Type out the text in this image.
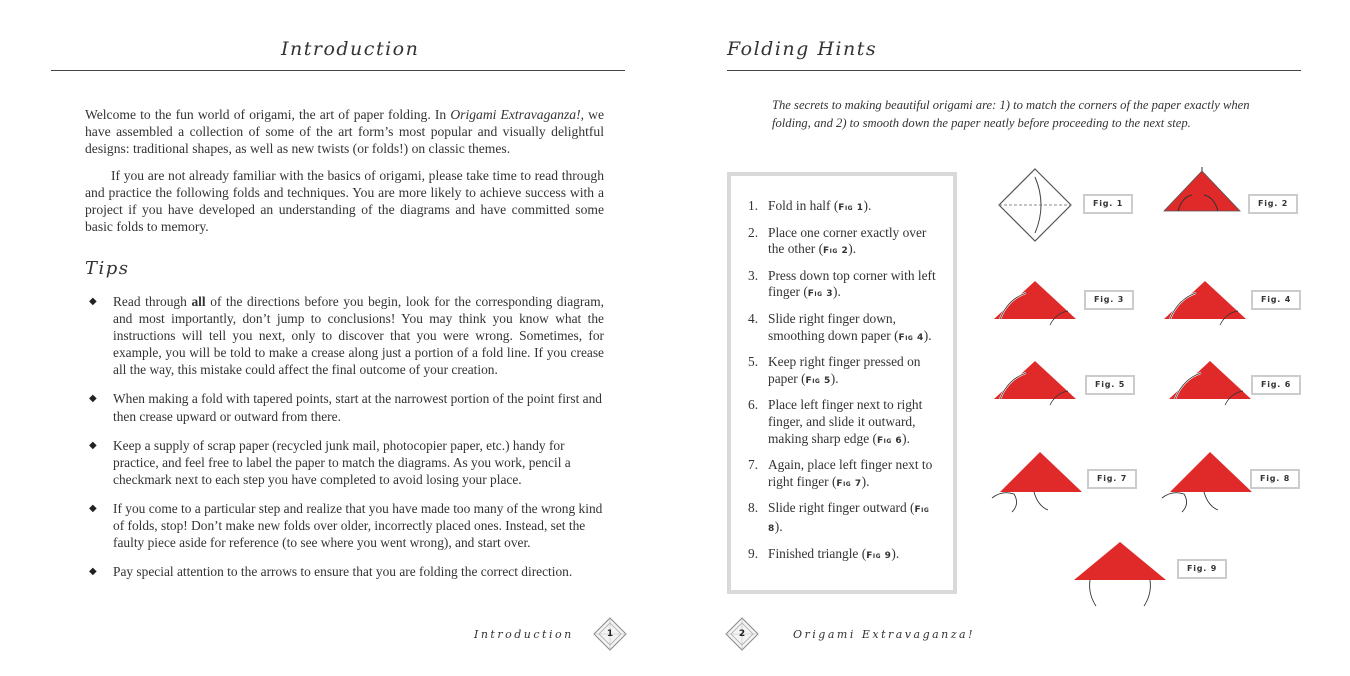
Introduction

Welcome to the fun world of origami, the art of paper folding. In Origami Extravaganza!, we have assembled a collection of some of the art form’s most popular and visually delightful designs: traditional shapes, as well as new twists (or folds!) on classic themes.

If you are not already familiar with the basics of origami, please take time to read through and practice the following folds and techniques. You are more likely to achieve success with a project if you have developed an understanding of the diagrams and have committed some basic folds to memory.

Tips
◆ Read through all of the directions before you begin, look for the corresponding diagram, and most importantly, don’t jump to conclusions! You may think you know what the instructions will tell you next, only to discover that you were wrong. Sometimes, for example, you will be told to make a crease along just a portion of a fold line. If you crease all the way, this mistake could affect the final outcome of your creation.
◆ When making a fold with tapered points, start at the narrowest portion of the point first and then crease upward or outward from there.
◆ Keep a supply of scrap paper (recycled junk mail, photocopier paper, etc.) handy for practice, and feel free to label the paper to match the diagrams. As you work, pencil a checkmark next to each step you have completed to avoid losing your place.
◆ If you come to a particular step and realize that you have made too many of the wrong kind of folds, stop! Don’t make new folds over older, incorrectly placed ones. Instead, set the faulty piece aside for reference (to see where you went wrong), and start over.
◆ Pay special attention to the arrows to ensure that you are folding the correct direction.
Introduction	1
Folding Hints
The secrets to making beautiful origami are: 1) to match the corners of the paper exactly when folding, and 2) to smooth down the paper neatly before proceeding to the next step.
1. Fold in half (Fig 1).
2. Place one corner exactly over the other (Fig 2).
3. Press down top corner with left finger (Fig 3).
4. Slide right finger down, smoothing down paper (Fig 4).
5. Keep right finger pressed on paper (Fig 5).
6. Place left finger next to right finger, and slide it outward, making sharp edge (Fig 6).
7. Again, place left finger next to right finger (Fig 7).
8. Slide right finger outward (Fig 8).
9. Finished triangle (Fig 9).
Fig. 1	Fig. 2
Fig. 3	Fig. 4
Fig. 5	Fig. 6
Fig. 7	Fig. 8
Fig. 9
Origami Extravaganza!
2
